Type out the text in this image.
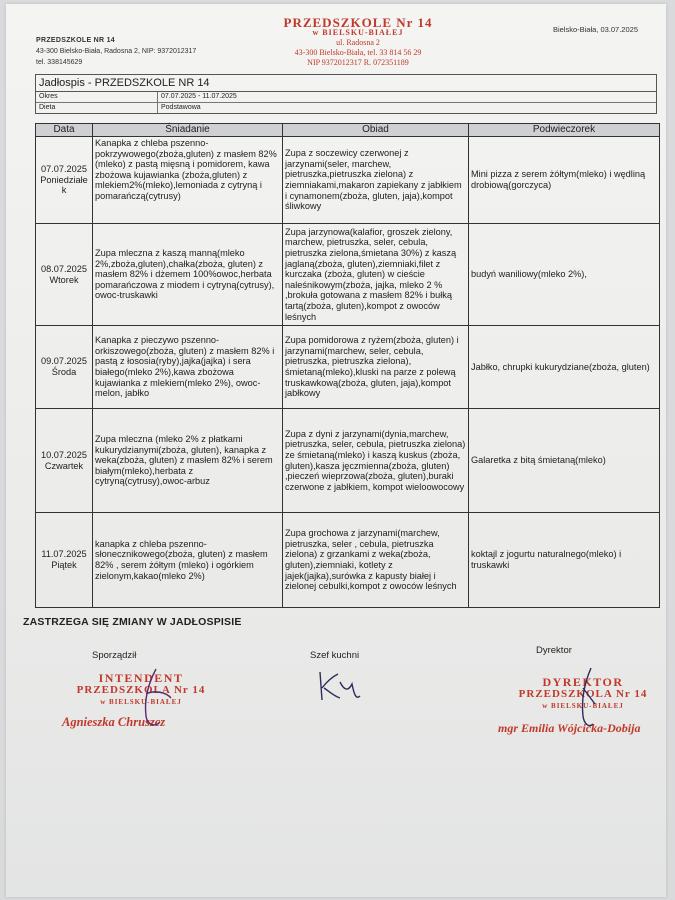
PRZEDSZKOLE NR 14
43-300 Bielsko-Biała, Radosna 2, NIP: 9372012317
tel. 338145629
PRZEDSZKOLE Nr 14
w BIELSKU-BIAŁEJ
ul. Radosna 2
43-300 Bielsko-Biała, tel. 33 814 56 29
NIP 9372012317 R. 072351189
Bielsko-Biała, 03.07.2025
Jadłospis - PRZEDSZKOLE NR 14
Okres	07.07.2025 - 11.07.2025
Dieta	Podstawowa
Data	Śniadanie	Obiad	Podwieczorek

07.07.2025
Poniedziałe k	Kanapka z chleba pszenno-pokrzywowego(zboża,gluten) z masłem 82%(mleko) z pastą mięsną i pomidorem, kawa zbożowa kujawianka (zboża,gluten) z mlekiem2%(mleko),lemoniada z cytryną i pomarańczą(cytrusy)	Zupa z soczewicy czerwonej z jarzynami(seler, marchew, pietruszka,pietruszka zielona) z ziemniakami,makaron zapiekany z jabłkiem i cynamonem(zboża, gluten, jaja),kompot śliwkowy	Mini pizza z serem żółtym(mleko) i wędliną drobiową(gorczyca)

08.07.2025
Wtorek	Zupa mleczna z kaszą manną(mleko 2%,zboża,gluten),chałka(zboża, gluten) z masłem 82% i dżemem 100%owoc,herbata pomarańczowa z miodem i cytryną(cytrusy), owoc-truskawki	Zupa jarzynowa(kalafior, groszek zielony, marchew, pietruszka, seler, cebula, pietruszka zielona,śmietana 30%) z kaszą jaglaną(zboża, gluten),ziemniaki,filet z kurczaka (zboża, gluten) w cieście naleśnikowym(zboża, jajka, mleko 2 % ,brokuła gotowana z masłem 82% i bułką tartą(zboża, gluten),kompot z owoców leśnych	budyń waniliowy(mleko 2%),

09.07.2025
Środa	Kanapka z pieczywo pszenno-orkiszowego(zboża, gluten) z masłem 82% i pastą z łososia(ryby),jajka(jajka) i sera białego(mleko 2%),kawa zbożowa kujawianka z mlekiem(mleko 2%), owoc-melon, jabłko	Zupa pomidorowa z ryżem(zboża, gluten) i jarzynami(marchew, seler, cebula, pietruszka, pietruszka zielona), śmietaną(mleko),kluski na parze z polewą truskawkową(zboża, gluten, jaja),kompot jabłkowy	Jabłko, chrupki kukurydziane(zboża, gluten)

10.07.2025
Czwartek	Zupa mleczna (mleko 2% z płatkami kukurydzianymi(zboża, gluten), kanapka z weka(zboża, gluten) z masłem 82% i serem białym(mleko),herbata z cytryną(cytrusy),owoc-arbuz	Zupa z dyni z jarzynami(dynia,marchew, pietruszka, seler, cebula, pietruszka zielona) ze śmietaną(mleko) i kaszą kuskus (zboża, gluten),kasza jęczmienna(zboża, gluten) ,pieczeń wieprzowa(zboża, gluten),buraki czerwone z jabłkiem, kompot wieloowocowy	Galaretka z bitą śmietaną(mleko)

11.07.2025
Piątek	kanapka z chleba pszenno-słonecznikowego(zboża, gluten) z masłem 82% , serem żółtym (mleko) i ogórkiem zielonym,kakao(mleko 2%)	Zupa grochowa z jarzynami(marchew, pietruszka, seler , cebula, pietruszka zielona) z grzankami z weka(zboża, gluten),ziemniaki, kotlety z jajek(jajka),surówka z kapusty białej i zielonej cebulki,kompot z owoców leśnych	koktajl z jogurtu naturalnego(mleko) i truskawki
ZASTRZEGA SIĘ ZMIANY W JADŁOSPISIE
Sporządził	Szef kuchni	Dyrektor
INTENDENT
PRZEDSZKOLA Nr 14
w BIELSKU-BIAŁEJ
Agnieszka Chruszcz
DYREKTOR
PRZEDSZKOLA Nr 14
w BIELSKU-BIAŁEJ
mgr Emilia Wójcicka-Dobija
